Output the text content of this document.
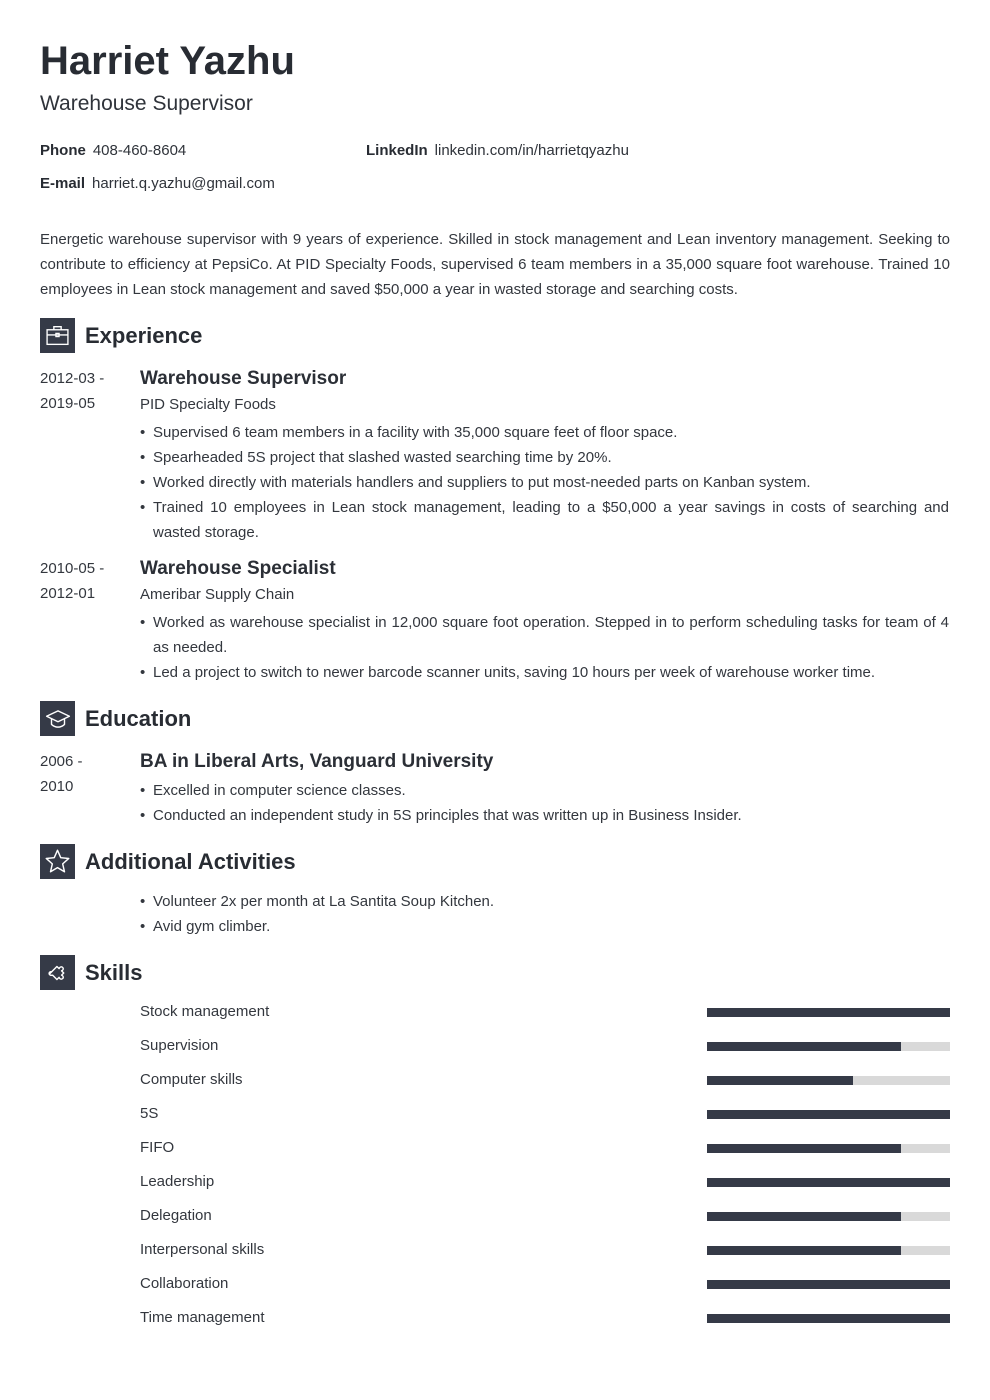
Harriet Yazhu
Warehouse Supervisor
Phone 408-460-8604	LinkedIn linkedin.com/in/harrietqyazhu
E-mail harriet.q.yazhu@gmail.com
Energetic warehouse supervisor with 9 years of experience. Skilled in stock management and Lean inventory management. Seeking to contribute to efficiency at PepsiCo. At PID Specialty Foods, supervised 6 team members in a 35,000 square foot warehouse. Trained 10 employees in Lean stock management and saved $50,000 a year in wasted storage and searching costs.
Experience
2012-03 -
2019-05
Warehouse Supervisor
PID Specialty Foods
• Supervised 6 team members in a facility with 35,000 square feet of floor space.
• Spearheaded 5S project that slashed wasted searching time by 20%.
• Worked directly with materials handlers and suppliers to put most-needed parts on Kanban system.
• Trained 10 employees in Lean stock management, leading to a $50,000 a year savings in costs of searching and wasted storage.
2010-05 -
2012-01
Warehouse Specialist
Ameribar Supply Chain
• Worked as warehouse specialist in 12,000 square foot operation. Stepped in to perform scheduling tasks for team of 4 as needed.
• Led a project to switch to newer barcode scanner units, saving 10 hours per week of warehouse worker time.
Education
2006 -
2010
BA in Liberal Arts, Vanguard University
• Excelled in computer science classes.
• Conducted an independent study in 5S principles that was written up in Business Insider.
Additional Activities
• Volunteer 2x per month at La Santita Soup Kitchen.
• Avid gym climber.
Skills
Stock management
Supervision
Computer skills
5S
FIFO
Leadership
Delegation
Interpersonal skills
Collaboration
Time management
